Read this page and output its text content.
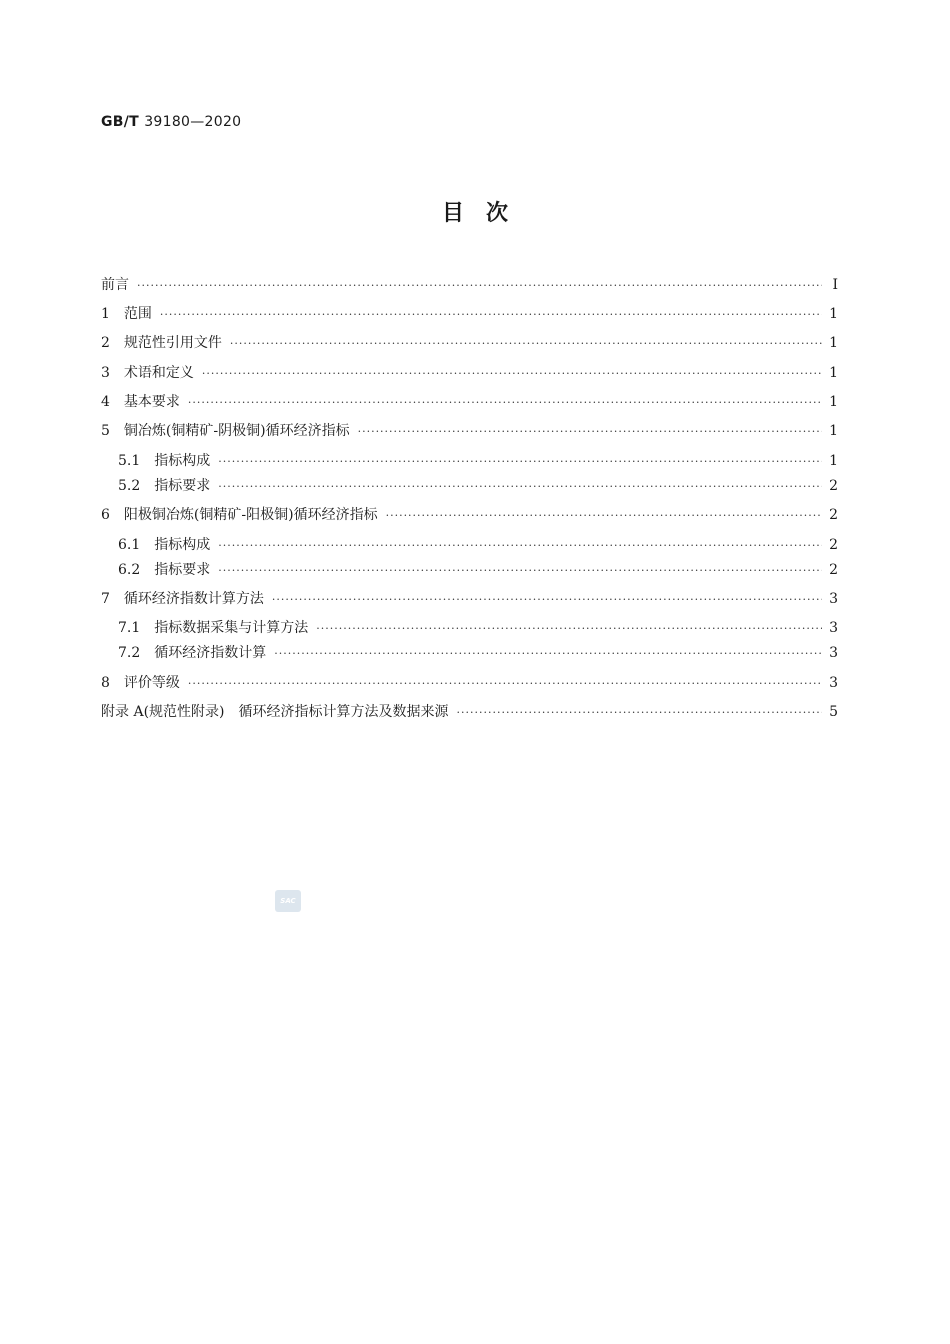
GB/T 39180—2020
目　次
前言 ·····	Ⅰ
1 范围 ·····	1
2 规范性引用文件 ·····	1
3 术语和定义 ·····	1
4 基本要求 ·····	1
5 铜冶炼(铜精矿-阴极铜)循环经济指标 ·····	1
5.1 指标构成 ·····	1
5.2 指标要求 ·····	2
6 阳极铜冶炼(铜精矿-阳极铜)循环经济指标 ·····	2
6.1 指标构成 ·····	2
6.2 指标要求 ·····	2
7 循环经济指数计算方法 ·····	3
7.1 指标数据采集与计算方法 ·····	3
7.2 循环经济指数计算 ·····	3
8 评价等级 ·····	3
附录 A (规范性附录)　循环经济指标计算方法及数据来源 ·····	5
SAC
